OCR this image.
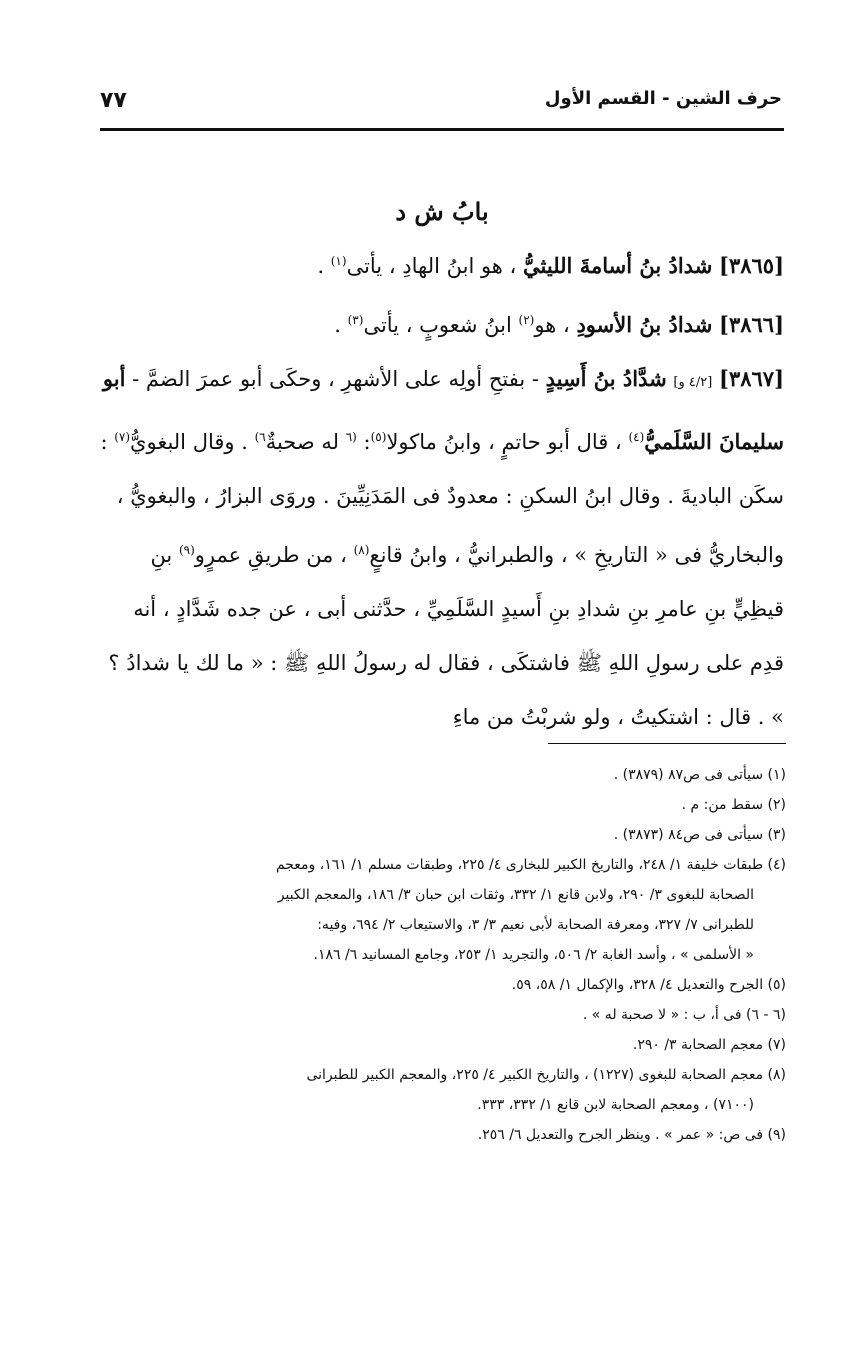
٧٧	حرف الشين - القسم الأول
بابُ ش د
[٣٨٦٥] شدادُ بنُ أسامةَ الليثيُّ ، هو ابنُ الهادِ ، يأتى$^{(١)}$ .
[٣٨٦٦] شدادُ بنُ الأسودِ ، هو$^{(٢)}$ ابنُ شعوبٍ ، يأتى$^{(٣)}$ .
[٣٨٦٧] [٤/٢ و] شدَّادُ بنُ أَسِيدٍ - بفتحِ أولِه على الأشهرِ ، وحكَى أبو عمرَ الضمَّ - أبو سليمانَ السَّلَميُّ$^{(٤)}$ ، قال أبو حاتمٍ ، وابنُ ماكولا$^{(٥)}$: $^{(٦}$ له صحبةٌ$^{٦)}$ . وقال البغويُّ$^{(٧)}$ : سكَن الباديةَ . وقال ابنُ السكنِ : معدودٌ فى المَدَنِيِّينَ . وروَى البزارُ ، والبغويُّ ، والبخاريُّ فى « التاريخِ » ، والطبرانيُّ ، وابنُ قانعٍ$^{(٨)}$ ، من طريقِ عمرٍو$^{(٩)}$ بنِ قيظِيٍّ بنِ عامرِ بنِ شدادِ بنِ أَسيدٍ السَّلَمِيِّ ، حدَّثنى أبى ، عن جده شَدَّادٍ ، أنه قدِم على رسولِ اللهِ ﷺ فاشتكَى ، فقال له رسولُ اللهِ ﷺ : « ما لك يا شدادُ ؟ » . قال : اشتكيتُ ، ولو شربْتُ من ماءِ
(١) سيأتى فى ص٨٧ (٣٨٧٩) .
(٢) سقط من: م .
(٣) سيأتى فى ص٨٤ (٣٨٧٣) .
(٤) طبقات خليفة ١/ ٢٤٨، والتاريخ الكبير للبخارى ٤/ ٢٢٥، وطبقات مسلم ١/ ١٦١، ومعجم
الصحابة للبغوى ٣/ ٢٩٠، ولابن قانع ١/ ٣٣٢، وثقات ابن حبان ٣/ ١٨٦، والمعجم الكبير
للطبرانى ٧/ ٣٢٧، ومعرفة الصحابة لأبى نعيم ٣/ ٣، والاستيعاب ٢/ ٦٩٤، وفيه:
« الأسلمى » ، وأسد الغابة ٢/ ٥٠٦، والتجريد ١/ ٢٥٣، وجامع المسانيد ٦/ ١٨٦.
(٥) الجرح والتعديل ٤/ ٣٢٨، والإكمال ١/ ٥٨، ٥٩.
(٦ - ٦) فى أ، ب : « لا صحبة له » .
(٧) معجم الصحابة ٣/ ٢٩٠.
(٨) معجم الصحابة للبغوى (١٢٢٧) ، والتاريخ الكبير ٤/ ٢٢٥، والمعجم الكبير للطبرانى
(٧١٠٠) ، ومعجم الصحابة لابن قانع ١/ ٣٣٢، ٣٣٣.
(٩) فى ص: « عمر » . وينظر الجرح والتعديل ٦/ ٢٥٦.
